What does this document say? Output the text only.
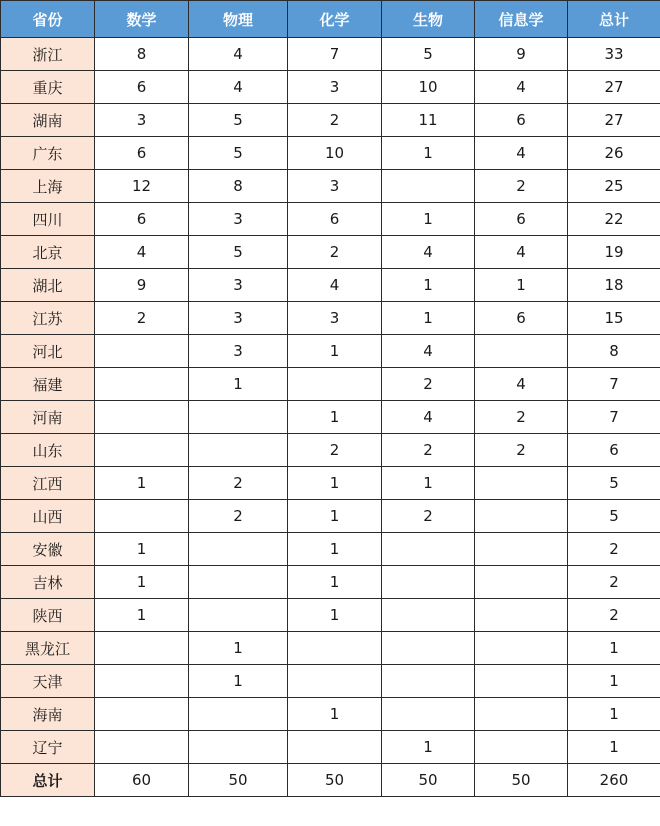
省份	数学	物理	化学	生物	信息学	总计
浙江	8	4	7	5	9	33
重庆	6	4	3	10	4	27
湖南	3	5	2	11	6	27
广东	6	5	10	1	4	26
上海	12	8	3		2	25
四川	6	3	6	1	6	22
北京	4	5	2	4	4	19
湖北	9	3	4	1	1	18
江苏	2	3	3	1	6	15
河北		3	1	4		8
福建		1		2	4	7
河南			1	4	2	7
山东			2	2	2	6
江西	1	2	1	1		5
山西		2	1	2		5
安徽	1		1			2
吉林	1		1			2
陕西	1		1			2
黑龙江		1				1
天津		1				1
海南			1			1
辽宁				1		1
总计	60	50	50	50	50	260
